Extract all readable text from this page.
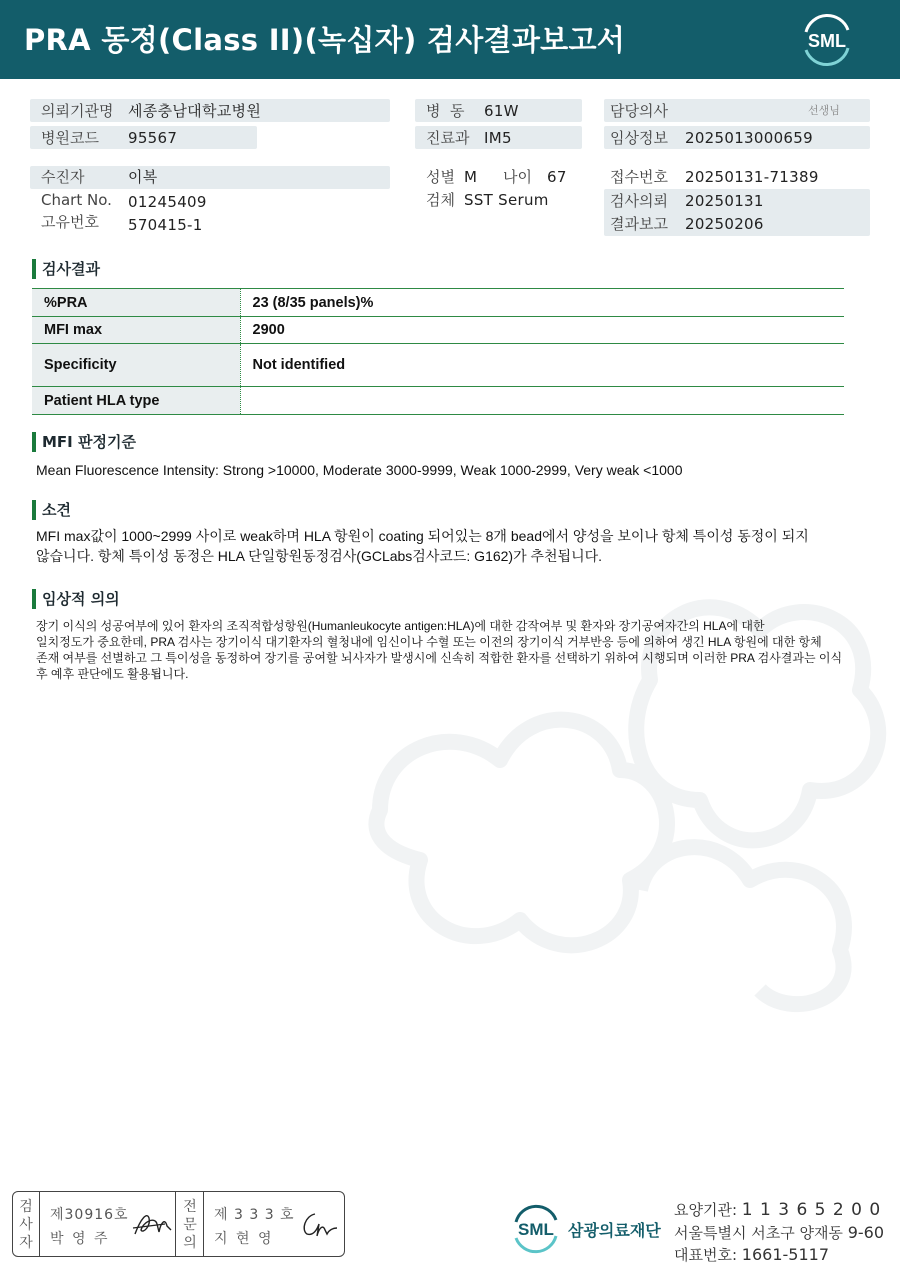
PRA 동정(Class II)(녹십자) 검사결과보고서	SML
의뢰기관명 세종충남대학교병원
병원코드 95567
수진자	이복
Chart No. 01245409
고유번호 570415-1
병  동 61W
진료과 IM5
성별 M 나이 67
검체 SST Serum
담당의사	선생님
임상정보 2025013000659
접수번호 20250131-71389
검사의뢰 20250131
결과보고 20250206
검사결과
%PRA	23 (8/35 panels)%
MFI max	2900
Specificity	Not identified
Patient HLA type	
MFI 판정기준
Mean Fluorescence Intensity: Strong >10000, Moderate 3000-9999, Weak 1000-2999, Very weak <1000
소견
MFI max값이 1000~2999 사이로 weak하며 HLA 항원이 coating 되어있는 8개 bead에서 양성을 보이나 항체 특이성 동정이 되지
않습니다. 항체 특이성 동정은 HLA 단일항원동정검사(GCLabs검사코드: G162)가 추천됩니다.
임상적 의의
장기 이식의 성공여부에 있어 환자의 조직적합성항원(Humanleukocyte antigen:HLA)에 대한 감작여부 및 환자와 장기공여자간의 HLA에 대한
일치정도가 중요한데, PRA 검사는 장기이식 대기환자의 혈청내에 임신이나 수혈 또는 이전의 장기이식 거부반응 등에 의하여 생긴 HLA 항원에 대한 항체
존재 여부를 선별하고 그 특이성을 동정하여 장기를 공여할 뇌사자가 발생시에 신속히 적합한 환자를 선택하기 위하여 시행되며 이러한 PRA 검사결과는 이식
후 예후 판단에도 활용됩니다.
검
사
자
제30916호
박 영 주
전
문
의
제 3 3 3 호
지 현 영	SML 삼광의료재단
요양기관: 1 1 3 6 5 2 0 0
서울특별시 서초구 양재동 9-60
대표번호: 1661-5117
